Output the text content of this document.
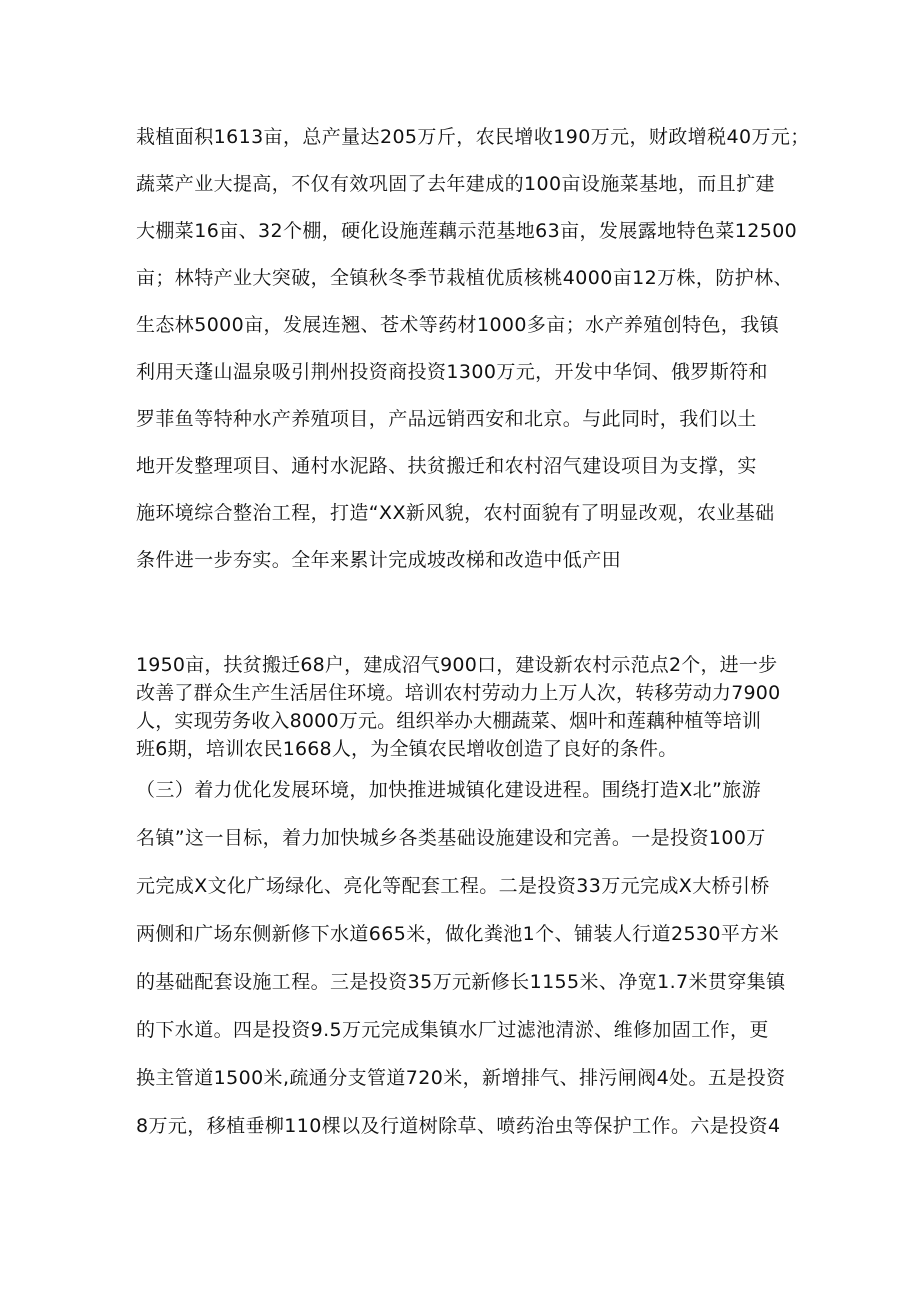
栽植面积1613亩，总产量达205万斤，农民增收190万元，财政增税40万元；
蔬菜产业大提高，不仅有效巩固了去年建成的100亩设施菜基地，而且扩建
大棚菜16亩、32个棚，硬化设施莲藕示范基地63亩，发展露地特色菜12500
亩；林特产业大突破，全镇秋冬季节栽植优质核桃4000亩12万株，防护林、
生态林5000亩，发展连翘、苍术等药材1000多亩；水产养殖创特色，我镇
利用天蓬山温泉吸引荆州投资商投资1300万元，开发中华饲、俄罗斯符和
罗菲鱼等特种水产养殖项目，产品远销西安和北京。与此同时，我们以土
地开发整理项目、通村水泥路、扶贫搬迁和农村沼气建设项目为支撑，实
施环境综合整治工程，打造“XX新风貌，农村面貌有了明显改观，农业基础
条件进一步夯实。全年来累计完成坡改梯和改造中低产田
1950亩，扶贫搬迁68户，建成沼气900口，建设新农村示范点2个，进一步
改善了群众生产生活居住环境。培训农村劳动力上万人次，转移劳动力7900
人，实现劳务收入8000万元。组织举办大棚蔬菜、烟叶和莲藕种植等培训
班6期，培训农民1668人，为全镇农民增收创造了良好的条件。
（三）着力优化发展环境，加快推进城镇化建设进程。围绕打造X北”旅游
名镇”这一目标，着力加快城乡各类基础设施建设和完善。一是投资100万
元完成X文化广场绿化、亮化等配套工程。二是投资33万元完成X大桥引桥
两侧和广场东侧新修下水道665米，做化粪池1个、铺装人行道2530平方米
的基础配套设施工程。三是投资35万元新修长1155米、净宽1.7米贯穿集镇
的下水道。四是投资9.5万元完成集镇水厂过滤池清淤、维修加固工作，更
换主管道1500米,疏通分支管道720米，新增排气、排污闸阀4处。五是投资
8万元，移植垂柳110棵以及行道树除草、喷药治虫等保护工作。六是投资4
